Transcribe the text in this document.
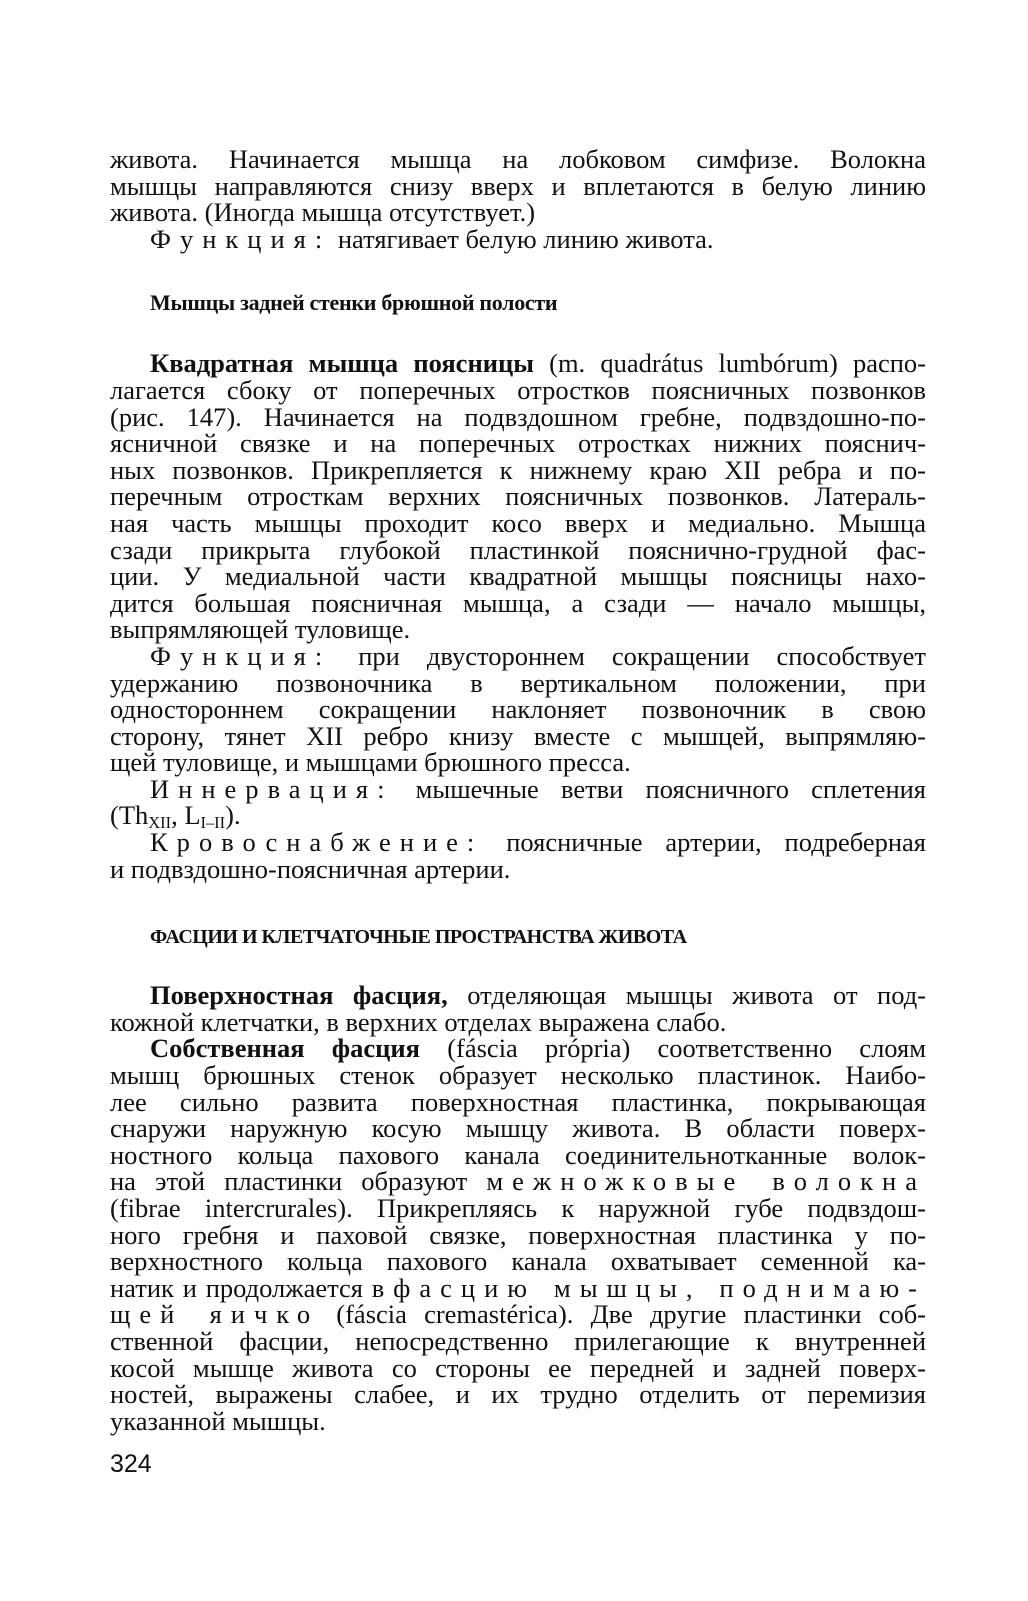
живота. Начинается мышца на лобковом симфизе. Волокна
мышцы направляются снизу вверх и вплетаются в белую линию
живота. (Иногда мышца отсутствует.)
Функция: натягивает белую линию живота.
Мышцы задней стенки брюшной полости
Квадратная мышца поясницы (m. quadrátus lumbórum) распо-
лагается сбоку от поперечных отростков поясничных позвонков
(рис. 147). Начинается на подвздошном гребне, подвздошно-по-
ясничной связке и на поперечных отростках нижних пояснич-
ных позвонков. Прикрепляется к нижнему краю XII ребра и по-
перечным отросткам верхних поясничных позвонков. Латераль-
ная часть мышцы проходит косо вверх и медиально. Мышца
сзади прикрыта глубокой пластинкой пояснично-грудной фас-
ции. У медиальной части квадратной мышцы поясницы нахо-
дится большая поясничная мышца, а сзади — начало мышцы,
выпрямляющей туловище.
Функция: при двустороннем сокращении способствует
удержанию позвоночника в вертикальном положении, при
одностороннем сокращении наклоняет позвоночник в свою
сторону, тянет XII ребро книзу вместе с мышцей, выпрямляю-
щей туловище, и мышцами брюшного пресса.
Иннервация: мышечные ветви поясничного сплетения
($Th_{XII}$, $L_{I-II}$).
Кровоснабжение: поясничные артерии, подреберная
и подвздошно-поясничная артерии.
ФАСЦИИ И КЛЕТЧАТОЧНЫЕ ПРОСТРАНСТВА ЖИВОТА
Поверхностная фасция, отделяющая мышцы живота от под-
кожной клетчатки, в верхних отделах выражена слабо.
Собственная фасция (fáscia própria) соответственно слоям
мышц брюшных стенок образует несколько пластинок. Наибо-
лее сильно развита поверхностная пластинка, покрывающая
снаружи наружную косую мышцу живота. В области поверх-
ностного кольца пахового канала соединительнотканные волок-
на этой пластинки образуют межножковые волокна
(fibrae intercrurales). Прикрепляясь к наружной губе подвздош-
ного гребня и паховой связке, поверхностная пластинка у по-
верхностного кольца пахового канала охватывает семенной ка-
натик и продолжается в фасцию мышцы, поднимаю-
щей яичко (fáscia cremastérica). Две другие пластинки соб-
ственной фасции, непосредственно прилегающие к внутренней
косой мышце живота со стороны ее передней и задней поверх-
ностей, выражены слабее, и их трудно отделить от перемизия
указанной мышцы.
324
